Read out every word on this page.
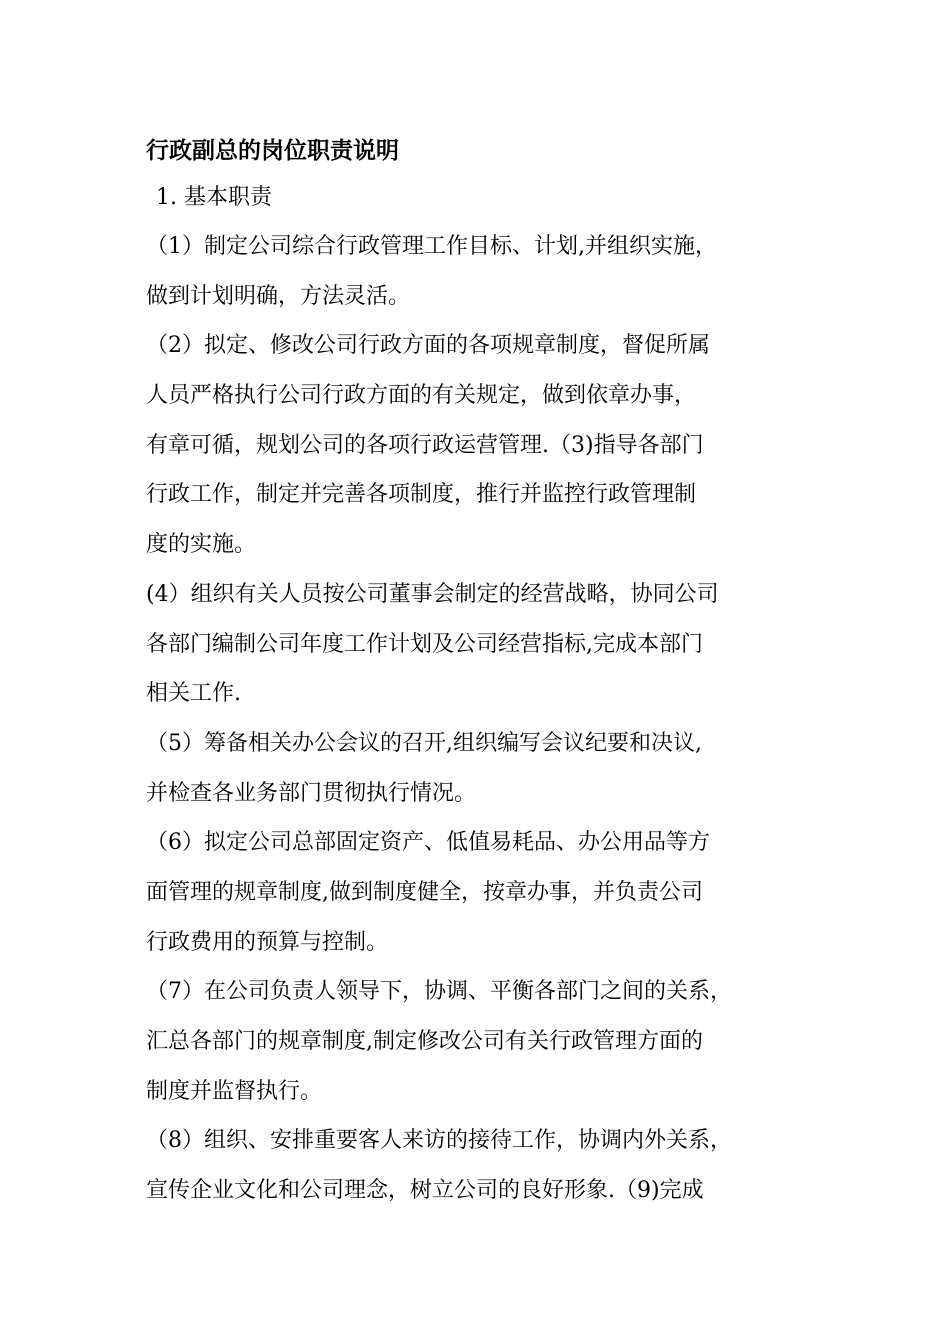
行政副总的岗位职责说明
1. 基本职责
（1）制定公司综合行政管理工作目标、计划,并组织实施，
做到计划明确，方法灵活。
（2）拟定、修改公司行政方面的各项规章制度，督促所属
人员严格执行公司行政方面的有关规定，做到依章办事，
有章可循，规划公司的各项行政运营管理.（3)指导各部门
行政工作，制定并完善各项制度，推行并监控行政管理制
度的实施。
(4）组织有关人员按公司董事会制定的经营战略，协同公司
各部门编制公司年度工作计划及公司经营指标,完成本部门
相关工作.
（5）筹备相关办公会议的召开,组织编写会议纪要和决议,
并检查各业务部门贯彻执行情况。
（6）拟定公司总部固定资产、低值易耗品、办公用品等方
面管理的规章制度,做到制度健全，按章办事，并负责公司
行政费用的预算与控制。
（7）在公司负责人领导下，协调、平衡各部门之间的关系，
汇总各部门的规章制度,制定修改公司有关行政管理方面的
制度并监督执行。
（8）组织、安排重要客人来访的接待工作，协调内外关系，
宣传企业文化和公司理念，树立公司的良好形象.（9)完成
